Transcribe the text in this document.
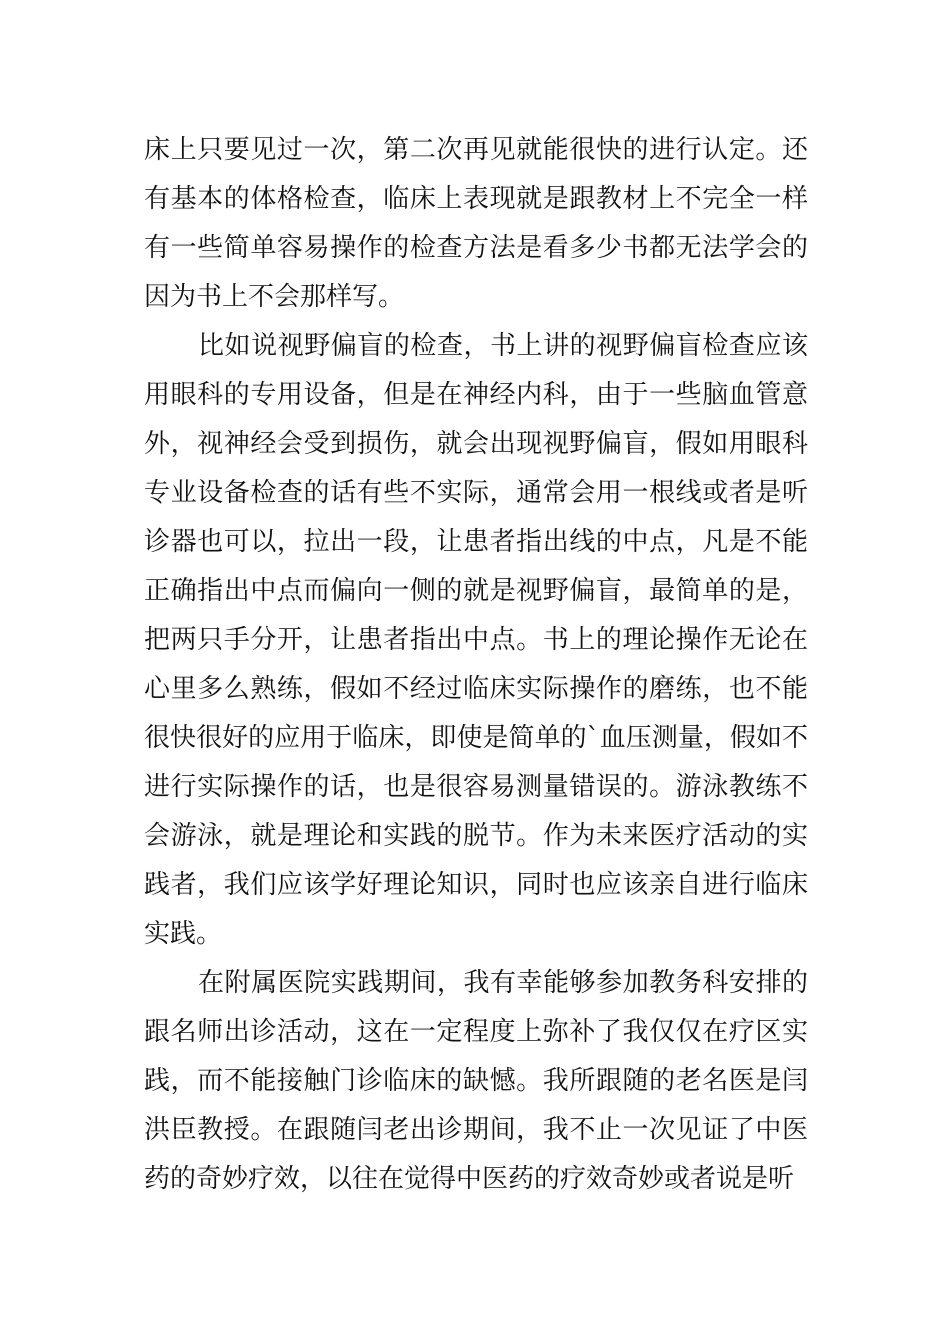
床上只要见过一次，第二次再见就能很快的进行认定。还有基本的体格检查，临床上表现就是跟教材上不完全一样有一些简单容易操作的检查方法是看多少书都无法学会的因为书上不会那样写。

比如说视野偏盲的检查，书上讲的视野偏盲检查应该用眼科的专用设备，但是在神经内科，由于一些脑血管意外，视神经会受到损伤，就会出现视野偏盲，假如用眼科专业设备检查的话有些不实际，通常会用一根线或者是听诊器也可以，拉出一段，让患者指出线的中点，凡是不能正确指出中点而偏向一侧的就是视野偏盲，最简单的是，把两只手分开，让患者指出中点。书上的理论操作无论在心里多么熟练，假如不经过临床实际操作的磨练，也不能很快很好的应用于临床，即使是简单的`血压测量，假如不进行实际操作的话，也是很容易测量错误的。游泳教练不会游泳，就是理论和实践的脱节。作为未来医疗活动的实践者，我们应该学好理论知识，同时也应该亲自进行临床实践。

在附属医院实践期间，我有幸能够参加教务科安排的跟名师出诊活动，这在一定程度上弥补了我仅仅在疗区实践，而不能接触门诊临床的缺憾。我所跟随的老名医是闫洪臣教授。在跟随闫老出诊期间，我不止一次见证了中医药的奇妙疗效，以往在觉得中医药的疗效奇妙或者说是听
